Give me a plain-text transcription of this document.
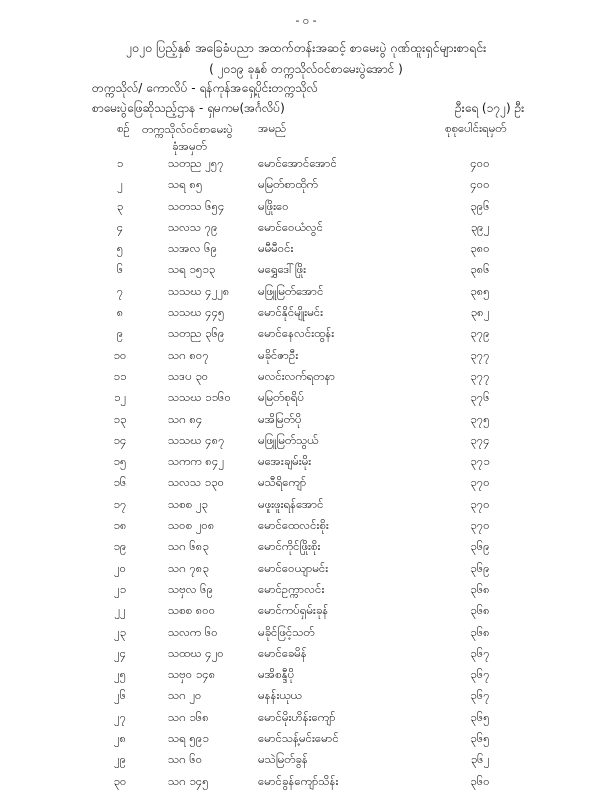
- ၀ -
၂၀၂၀ ပြည့်နှစ် အခြေခံပညာ အထက်တန်းအဆင့် စာမေးပွဲ ဂုဏ်ထူးရှင်များစာရင်း
( ၂၀၁၉ ခုနှစ် တက္ကသိုလ်ဝင်စာမေးပွဲအောင် )
တက္ကသိုလ်/ ကောလိပ် - ရန်ကုန်အရှေ့ပိုင်းတက္ကသိုလ်
စာမေးပွဲဖြေဆိုသည့်ဌာန - ရှမကမ(အင်္ဂလိပ်)	ဦးရေ (၁၇၂) ဦး
စဉ် တက္ကသိုလ်ဝင်စာမေးပွဲ
ခုံအမှတ်
အမည်	စုစုပေါင်းရမှတ်
၁	သတည ၂၅၇	မောင်အောင်အောင်	၄၀၀
၂	သရ ၈၅	မမြတ်စာထိုက်	၄၀၀
၃	သတသ ၆၅၄	မဖြိုးဝေ	၃၉၆
၄	သလသ ၇၉	မောင်ဝေယံလွင်	၃၉၂
၅	သအလ ၆၉	မမီမီဝင်း	၃၈၀
၆	သရ ၁၅၁၃	မရွှေဒေါ်ဖြိုး	၃၈၆
၇	သသဃ ၄၂၂၈ မဖြူမြတ်အောင်	၃၈၅
၈	သသဃ ၄၄၅	မောင်နိုင်မျိုးမင်း	၃၈၂
၉	သတည ၃၆၉	မောင်နေလင်းထွန်း	၃၇၉
၁၀	သဂ ၈၀၇	မခိုင်ဇာဦး	၃၇၇
၁၁	သဒပ ၃၀	မလင်းလက်ရတနာ	၃၇၇
၁၂	သသဃ ၁၁၆၀ မမြတ်စုရိပ်	၃၇၆
၁၃	သဂ ၈၄	မအိမြတ်ပို	၃၇၅
၁၄	သသဃ ၄၈၇	မဖြူမြတ်သွယ်	၃၇၄
၁၅	သကက ၈၄၂	မအေးချမ်းမိုး	၃၇၁
၁၆	သလသ ၁၃၀	မသီရိကျော်	၃၇၀
၁၇	သစစ ၂၃	မဖူးဖူးရန်အောင်	၃၇၀
၁၈	သဝစ ၂၀၈	မောင်ထေလင်းစိုး	၃၇၀
၁၉	သဂ ၆၈၃	မောင်ကိုင်ဖြိုးစိုး	၃၆၉
၂၀	သဂ ၇၈၃	မောင်ဝေယျာမင်း	၃၆၉
၂၁	သဗှလ ၆၉	မောင်ဥက္ကာလင်း	၃၆၈
၂၂	သစစ ၈၀၀	မောင်ကပ်ရှမ်းခုန်	၃၆၈
၂၃	သလက ၆၀	မခိုင်ဖြင့်သတ်	၃၆၈
၂၄	သထဃ ၄၂၀	မောင်ခေမိန်	၃၆၇
၂၅	သဗှဝ ၁၄၈	မအိစန္ဒီပို	၃၆၇
၂၆	သဂ ၂၀	မနန်းယုယ	၃၆၇
၂၇	သဂ ၁၆၈	မောင်မိုးဟိန်းကျော်	၃၆၅
၂၈	သရ ၅၉၁	မောင်သန့်မင်းမောင်	၃၆၅
၂၉	သဂ ၆၀	မသဲမြတ်ခွန်	၃၆၂
၃၀	သဂ ၁၄၅	မောင်ခွန်ကျော်သိန်း	၃၆၀
